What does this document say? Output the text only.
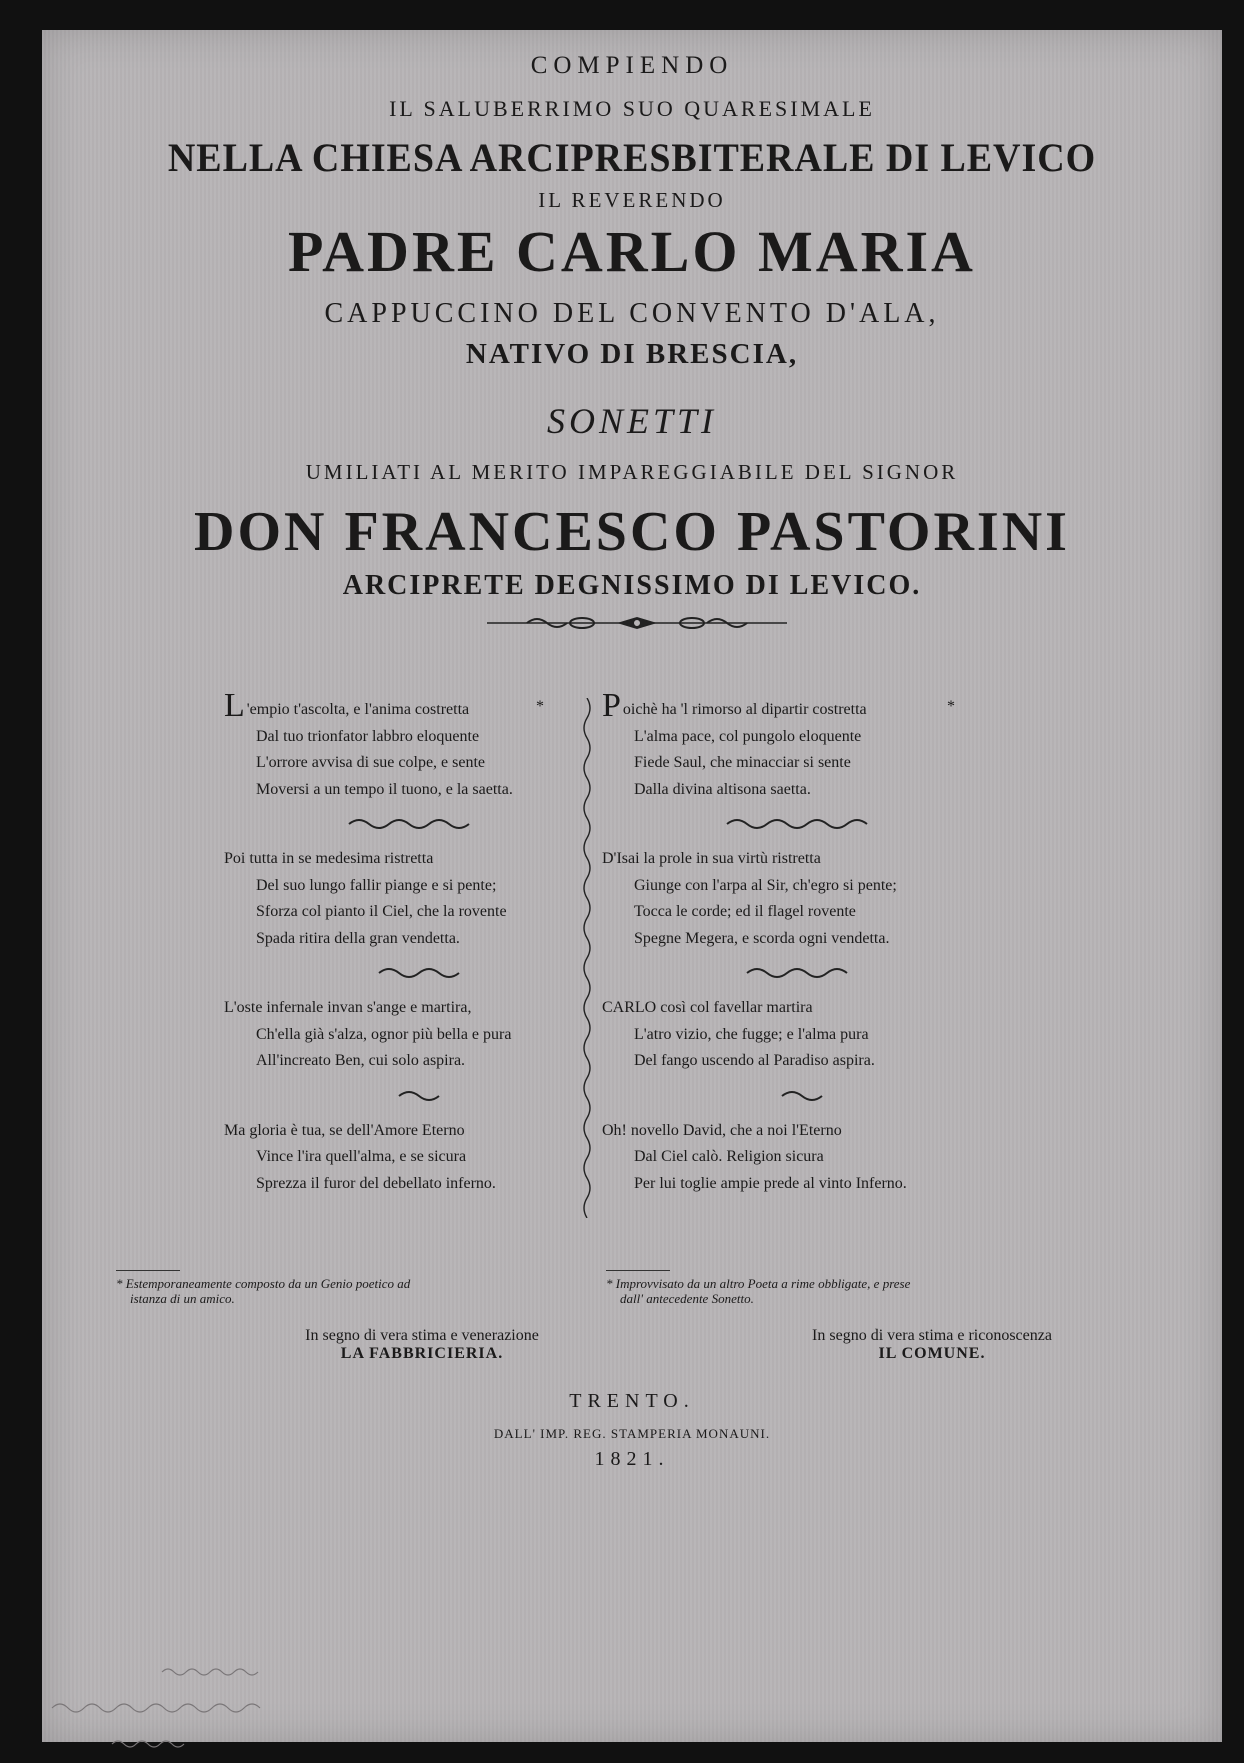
COMPIENDO
IL SALUBERRIMO SUO QUARESIMALE
NELLA CHIESA ARCIPRESBITERALE DI LEVICO
IL REVERENDO
PADRE CARLO MARIA
CAPPUCCINO DEL CONVENTO D'ALA,
NATIVO DI BRESCIA,
SONETTI
UMILIATI AL MERITO IMPAREGGIABILE DEL SIGNOR
DON FRANCESCO PASTORINI
ARCIPRETE DEGNISSIMO DI LEVICO.
L 'empio t'ascolta, e l'anima costretta
Dal tuo trionfator labbro eloquente
L'orrore avvisa di sue colpe, e sente
Moversi a un tempo il tuono, e la saetta.
Poi tutta in se medesima ristretta
Del suo lungo fallir piange e si pente;
Sforza col pianto il Ciel, che la rovente
Spada ritira della gran vendetta.
L'oste infernale invan s'ange e martira,
Ch'ella già s'alza, ognor più bella e pura
All'increato Ben, cui solo aspira.
Ma gloria è tua, se dell'Amore Eterno
Vince l'ira quell'alma, e se sicura
Sprezza il furor del debellato inferno.
* Poichè ha 'l rimorso al dipartir costretta
L'alma pace, col pungolo eloquente
Fiede Saul, che minacciar si sente
Dalla divina altisona saetta.
D'Isai la prole in sua virtù ristretta
Giunge con l'arpa al Sir, ch'egro si pente;
Tocca le corde; ed il flagel rovente
Spegne Megera, e scorda ogni vendetta.
CARLO così col favellar martira
L'atro vizio, che fugge; e l'alma pura
Del fango uscendo al Paradiso aspira.
Oh! novello David, che a noi l'Eterno
Dal Ciel calò. Religion sicura
Per lui toglie ampie prede al vinto Inferno.
*
* Estemporaneamente composto da un Genio poetico ad
istanza di un amico.
* Improvvisato da un altro Poeta a rime obbligate, e prese
dall' antecedente Sonetto.
In segno di vera stima e venerazione
LA FABBRICIERIA.
In segno di vera stima e riconoscenza
IL COMUNE.
TRENTO.
DALL' IMP. REG. STAMPERIA MONAUNI.
1821.
